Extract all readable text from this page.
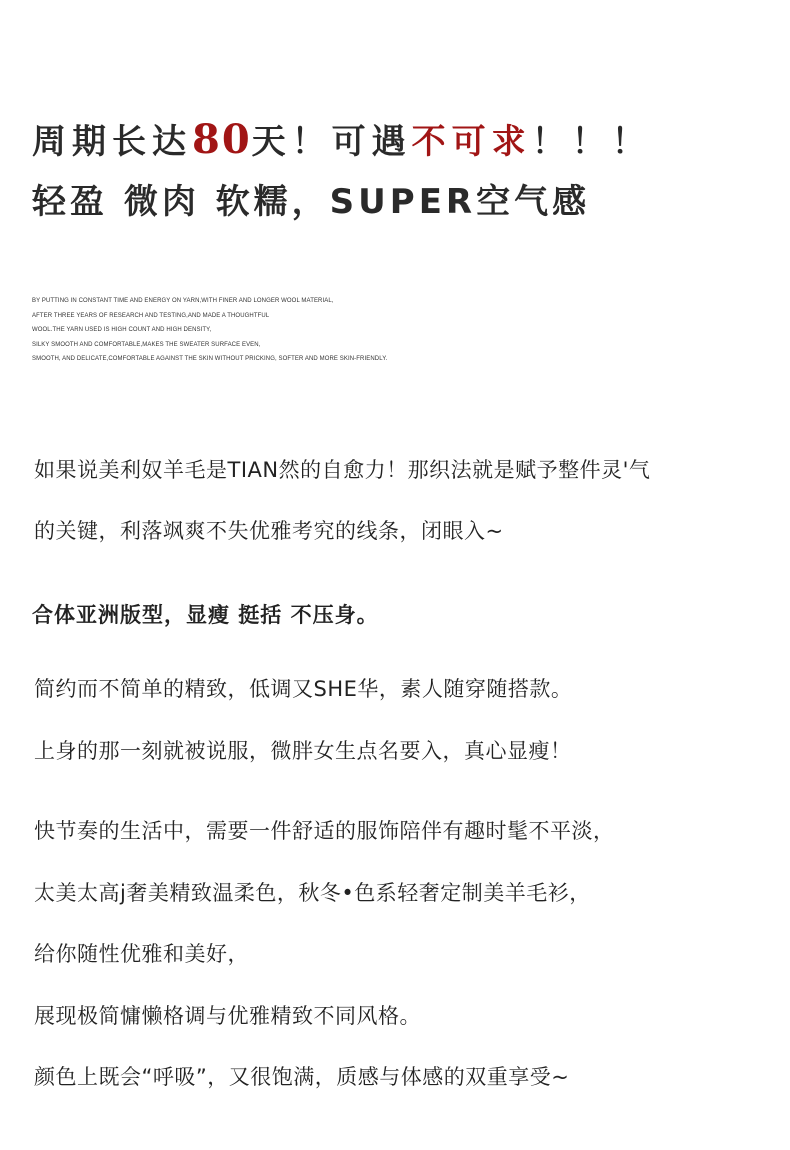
周期长达80天！可遇不可求！！！
轻盈 微肉 软糯，SUPER空气感
BY PUTTING IN CONSTANT TIME AND ENERGY ON YARN,WITH FINER AND LONGER WOOL MATERIAL,
AFTER THREE YEARS OF RESEARCH AND TESTING,AND MADE A THOUGHTFUL
WOOL.THE YARN USED IS HIGH COUNT AND HIGH DENSITY,
SILKY SMOOTH AND COMFORTABLE,MAKES THE SWEATER SURFACE EVEN,
SMOOTH, AND DELICATE,COMFORTABLE AGAINST THE SKIN WITHOUT PRICKING, SOFTER AND MORE SKIN-FRIENDLY.
如果说美利奴羊毛是TIAN然的自愈力！那织法就是赋予整件灵'气
的关键，利落飒爽不失优雅考究的线条，闭眼入~
合体亚洲版型，显瘦 挺括 不压身。
简约而不简单的精致，低调又SHE华，素人随穿随搭款。
上身的那一刻就被说服，微胖女生点名要入，真心显瘦！
快节奏的生活中，需要一件舒适的服饰陪伴有趣时髦不平淡，
太美太高j奢美精致温柔色，秋冬•色系轻奢定制美羊毛衫，
给你随性优雅和美好，
展现极简慵懒格调与优雅精致不同风格。
颜色上既会“呼吸”，又很饱满，质感与体感的双重享受~
